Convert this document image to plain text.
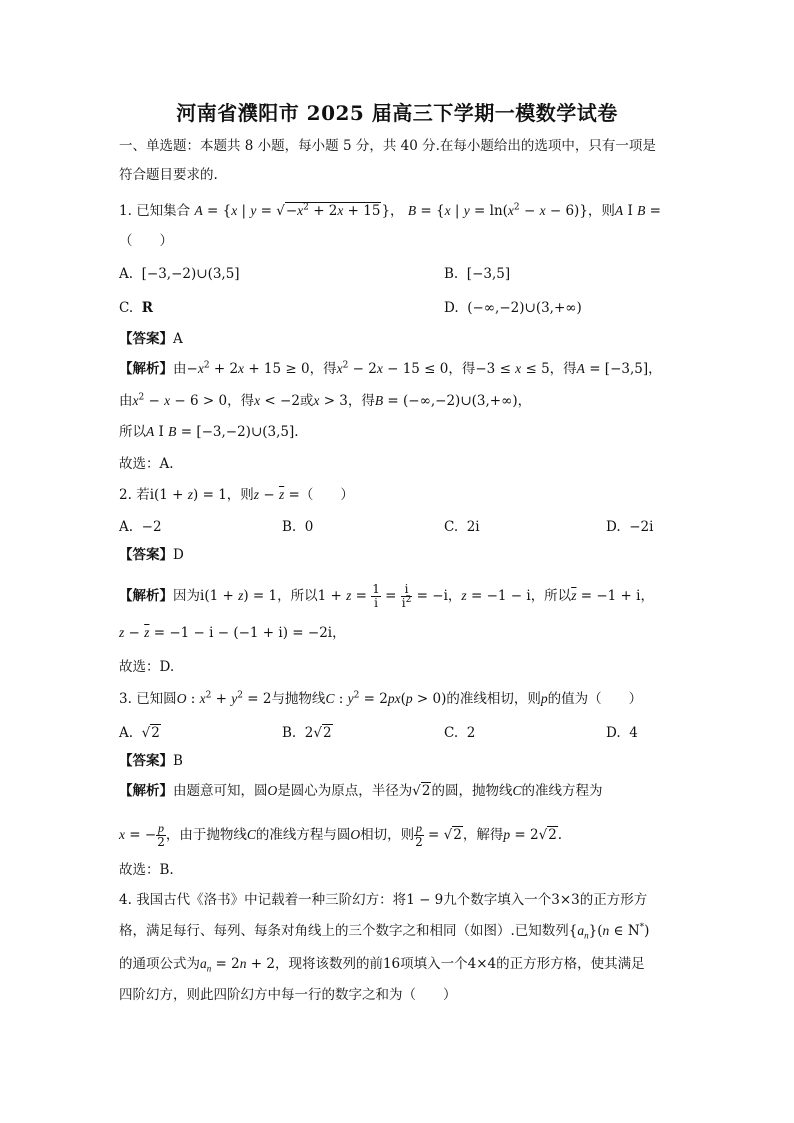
河南省濮阳市 2025 届高三下学期一模数学试卷
一、单选题：本题共 8 小题，每小题 5 分，共 40 分.在每小题给出的选项中，只有一项是
符合题目要求的.
1. 已知集合 A = {x | $y = √-x^2 + 2x + 15$}， B = {x | $y = \ln(x^2 - x - 6)$}，则A I B =
（　　）
A.  [−3,−2)∪(3,5]	B.  [−3,5]
C. R	D.  (−∞,−2)∪(3,+∞)
【答案】A
【解析】由$-x^2 + 2x + 15 \ge 0$，得$x^2 - 2x - 15 \le 0$，得−3 ≤ x ≤ 5，得A = [−3,5]，
由$x^2 - x - 6 > 0$，得x < −2或x > 3，得B = (−∞,−2)∪(3,+∞)，
所以A I B = [−3,−2)∪(3,5].
故选：A.
2. 若i(1 + z) = 1，则$z - \overline{z}$ =（　　）
A.  −2	B.  0	C.  2i	D.  −2i
【答案】D
【解析】因为i(1 + z) = 1，所以$1 + z = \frac{1}{i} = \frac{i}{i^2} = -i$，z = −1 − i，所以$\overline{z} = -1 + i$，
$z - \overline{z} = -1 - i - (-1 + i) = -2i$，
故选：D.
3. 已知圆O : $x^2 + y^2 = 2$与抛物线C : $y^2 = 2px(p > 0)$的准线相切，则p的值为（　　）
A.  √2	B.  2√2	C.  2	D.  4
【答案】B
【解析】由题意可知，圆O是圆心为原点，半径为√2的圆，抛物线C的准线方程为
x = − $\frac{p}{2}$ ，由于抛物线C的准线方程与圆O相切，则 $\frac{p}{2} = √2$，解得p = 2√2.
故选：B.
4. 我国古代《洛书》中记载着一种三阶幻方：将1 − 9九个数字填入一个3×3的正方形方
格，满足每行、每列、每条对角线上的三个数字之和相同（如图）.已知数列$\{a_n\}(n$ ∈ N*)
的通项公式为$a_n = 2n + 2$，现将该数列的前16项填入一个4×4的正方形方格，使其满足
四阶幻方，则此四阶幻方中每一行的数字之和为（　　）
